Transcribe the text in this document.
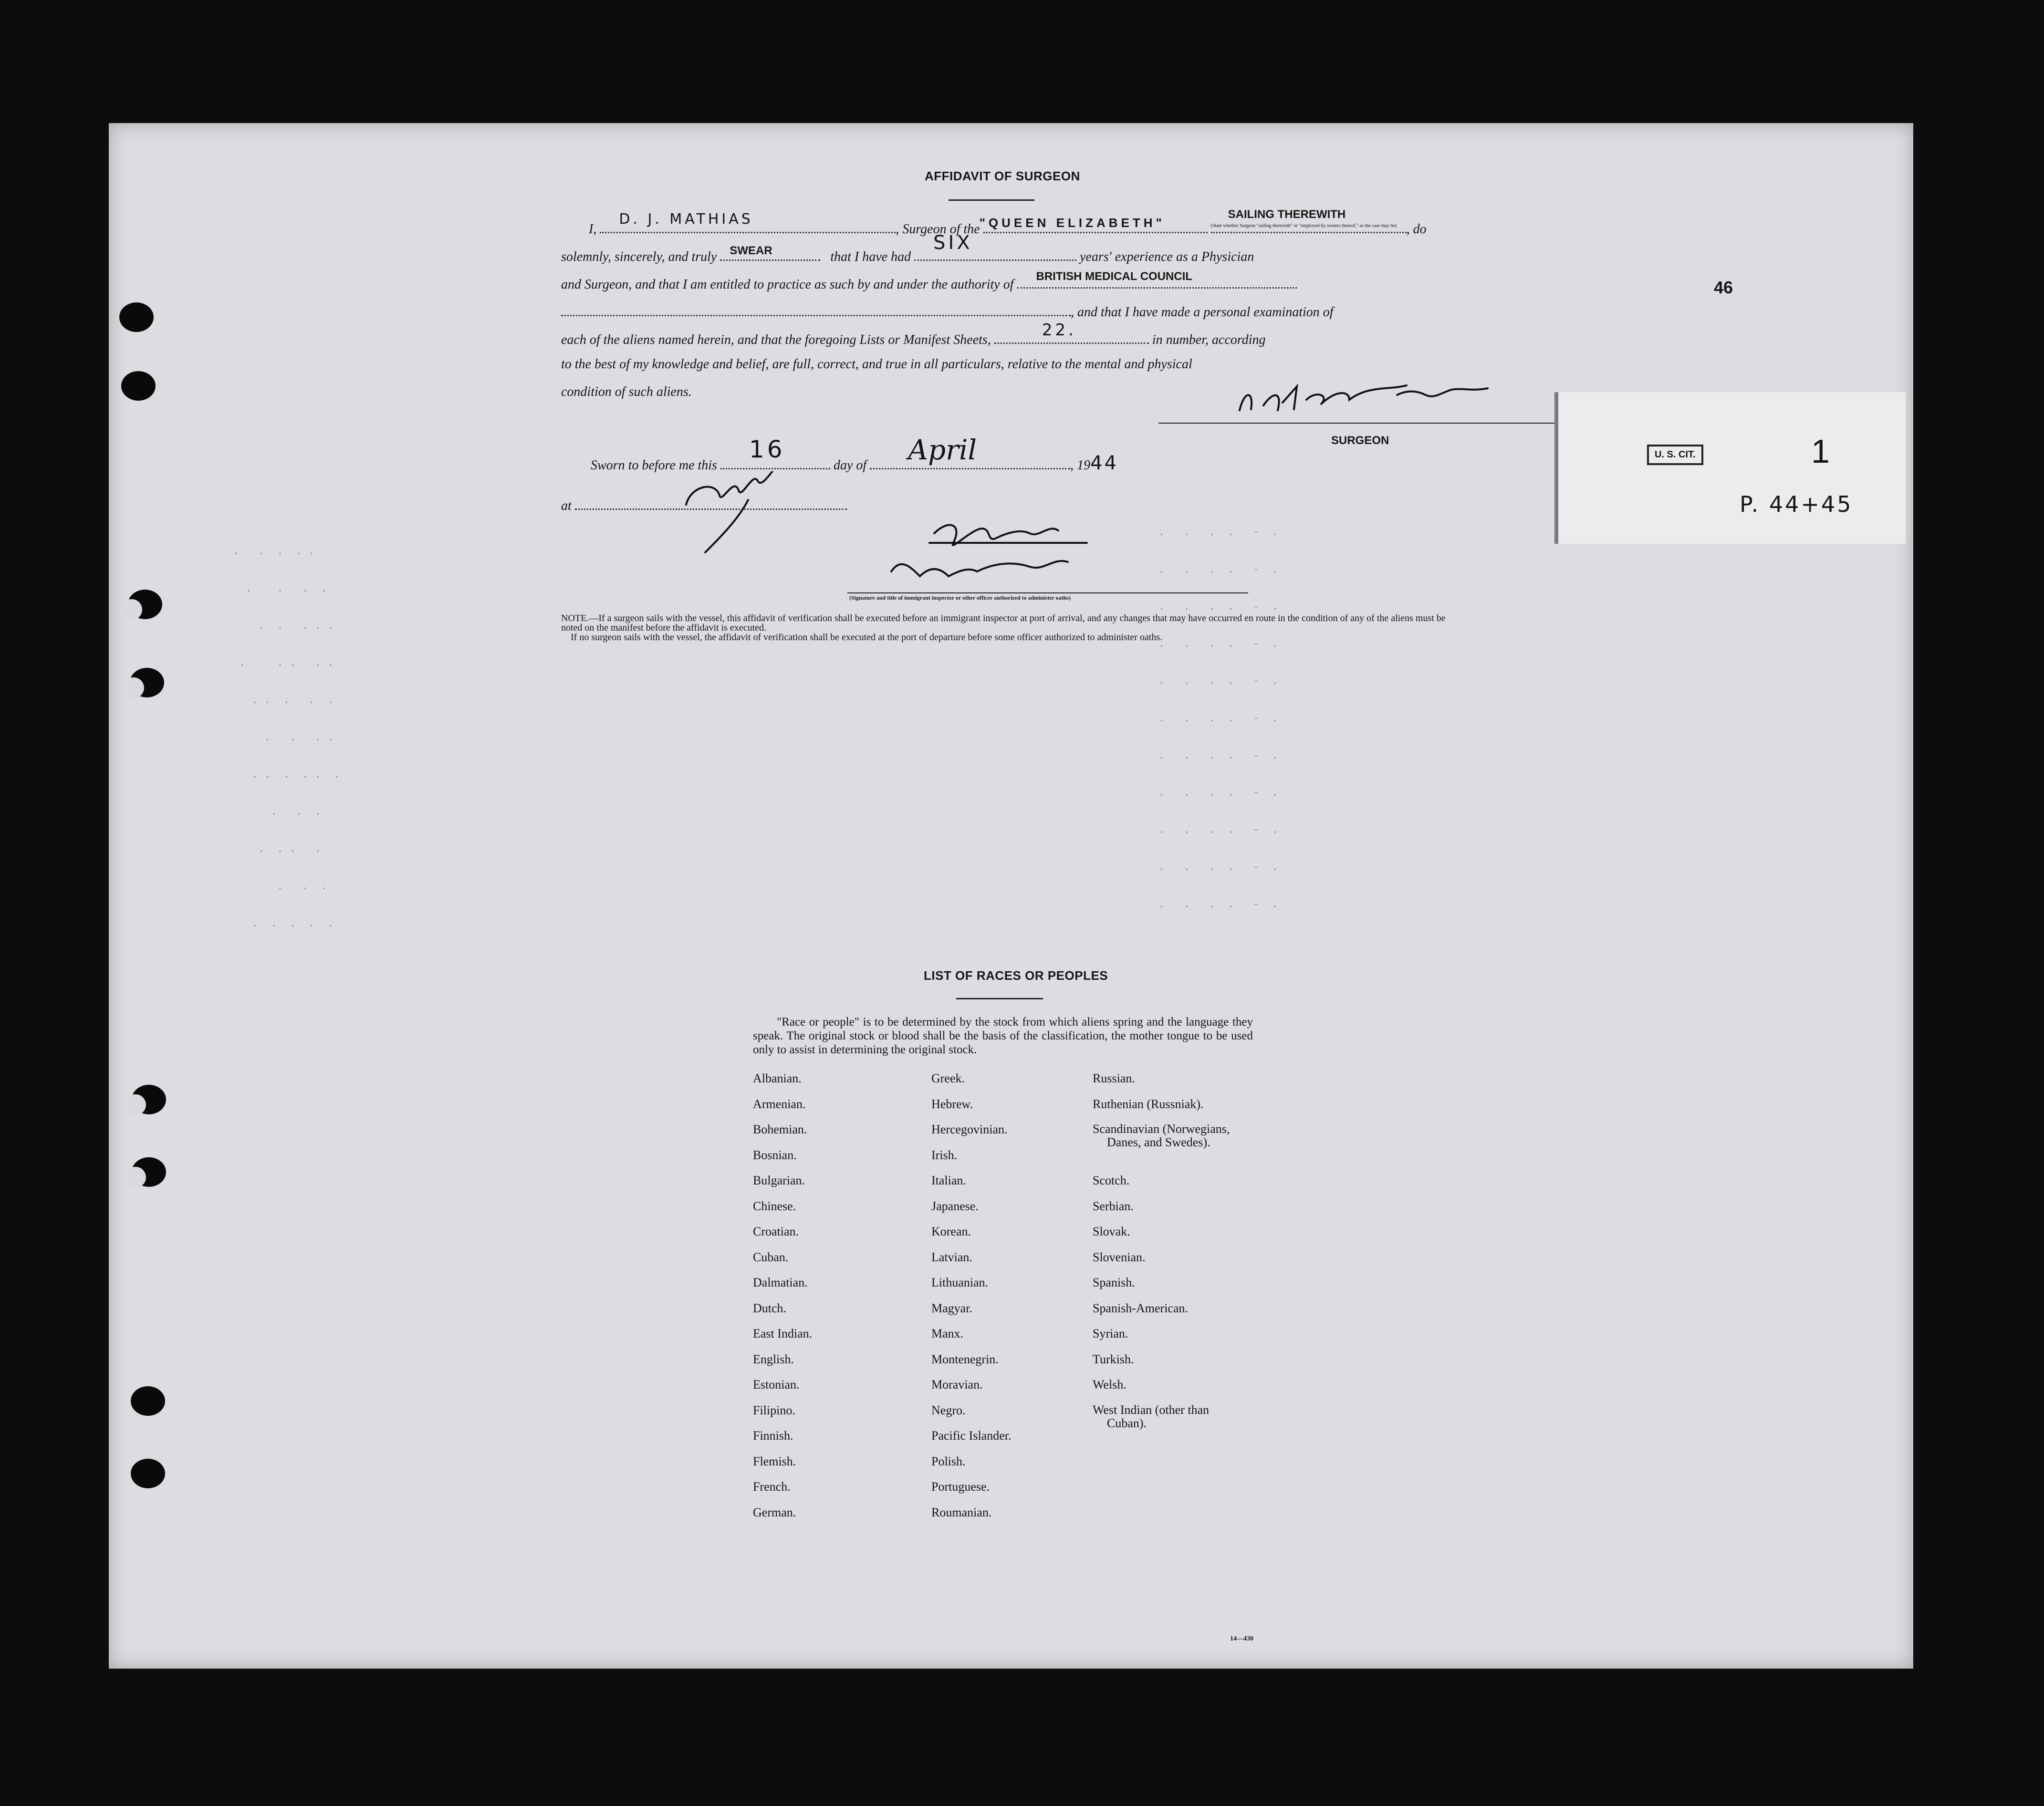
.   .  .  . .
.    .   .  .
.  .   . . .
.     . .   . .
. .  .   .  .
.   .   . .
. .  .  . .  .
.   .  .
.  . .   .
.   .  .
.  .  .  .  .
.   .   .  .   -  .
.   .   .  .   -  .
.   .   .  .   -  .
.   .   .  .   -  .
.   .   .  .   -  .
.   .   .  .   -  .
.   .   .  .   -  .
.   .   .  .   -  .
.   .   .  .   -  .
.   .   .  .   -  .
.   .   .  .   -  .
AFFIDAVIT OF SURGEON
I,
D. J. MATHIAS
, Surgeon of the "QUEEN ELIZABETH"

SAILING THEREWITH
(State whether Surgeon "sailing therewith" or "employed by owners thereof," as the case may be) , do
solemnly, sincerely, and truly SWEAR	that I have had
SIX
years' experience as a Physician
and Surgeon, and that I am entitled to practice as such by and under the authority of
BRITISH MEDICAL COUNCIL
, and that I have made a personal examination of
each of the aliens named herein, and that the foregoing Lists or Manifest Sheets,
22.
in number, according
to the best of my knowledge and belief, are full, correct, and true in all particulars, relative to the mental and physical
condition of such aliens.
SURGEON
Sworn to before me this
16
day of April	, 1944
at
(Signature and title of immigrant inspector or other officer authorized to administer oaths)
NOTE.—If a surgeon sails with the vessel, this affidavit of verification shall be executed before an immigrant inspector at port of arrival, and any changes that may have occurred en route in the condition of any of the aliens must be noted on the manifest before the affidavit is executed.
If no surgeon sails with the vessel, the affidavit of verification shall be executed at the port of departure before some officer authorized to administer oaths.
46
LIST OF RACES OR PEOPLES
"Race or people" is to be determined by the stock from which aliens spring and the language they speak. The original stock or blood shall be the basis of the classification, the mother tongue to be used only to assist in determining the original stock.
Albanian.
Armenian.
Bohemian.
Bosnian.
Bulgarian.
Chinese.
Croatian.
Cuban.
Dalmatian.
Dutch.
East Indian.
English.
Estonian.
Filipino.
Finnish.
Flemish.
French.
German.
Greek.
Hebrew.
Hercegovinian.
Irish.
Italian.
Japanese.
Korean.
Latvian.
Lithuanian.
Magyar.
Manx.
Montenegrin.
Moravian.
Negro.
Pacific Islander.
Polish.
Portuguese.
Roumanian.
Russian.
Ruthenian (Russniak).
Scandinavian (Norwegians,
Danes, and Swedes).
Scotch.
Serbian.
Slovak.
Slovenian.
Spanish.
Spanish-American.
Syrian.
Turkish.
Welsh.
West Indian (other than
Cuban).
14—430
U. S. CIT.	1
P. 44+45
